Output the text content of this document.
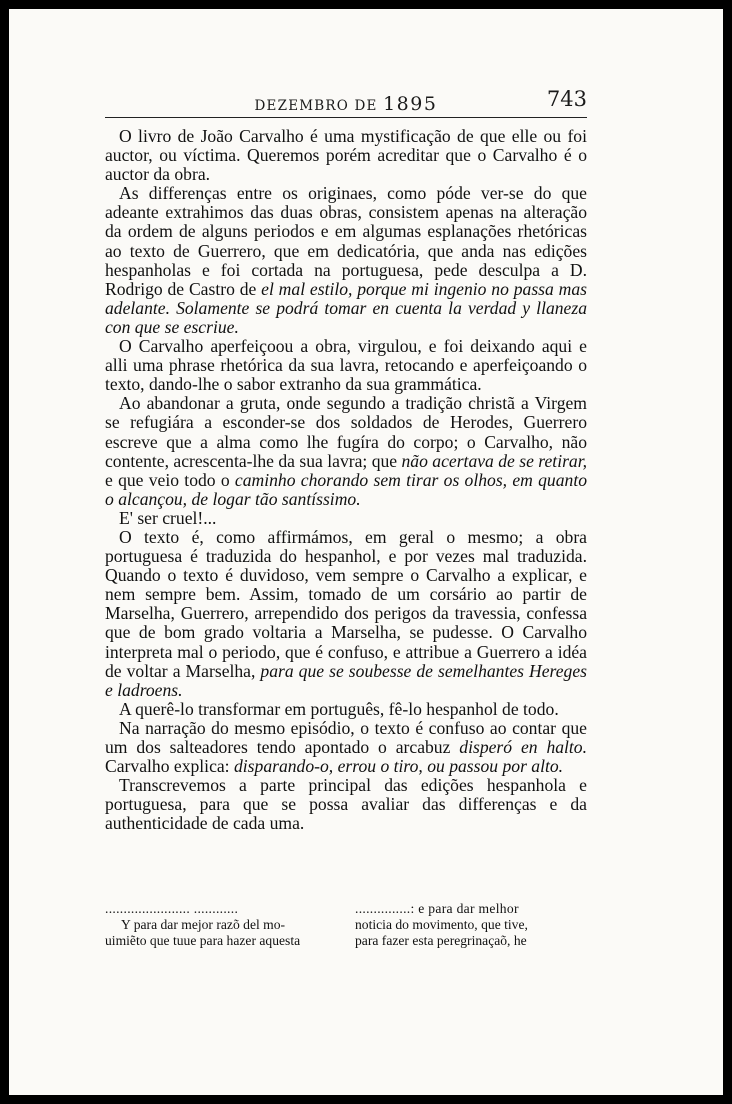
DEZEMBRO DE 1895	743

O livro de João Carvalho é uma mystificação de que elle ou foi auctor, ou víctima. Queremos porém acreditar que o Carvalho é o auctor da obra.

As differenças entre os originaes, como póde ver-se do que adeante extrahimos das duas obras, consistem apenas na alteração da ordem de alguns periodos e em algumas esplanações rhetóricas ao texto de Guerrero, que em dedicatória, que anda nas edições hespanholas e foi cortada na portuguesa, pede desculpa a D. Rodrigo de Castro de el mal estilo, porque mi ingenio no passa mas adelante. Solamente se podrá tomar en cuenta la verdad y llaneza con que se escriue.

O Carvalho aperfeiçoou a obra, virgulou, e foi deixando aqui e alli uma phrase rhetórica da sua lavra, retocando e aperfeiçoando o texto, dando-lhe o sabor extranho da sua grammática.

Ao abandonar a gruta, onde segundo a tradição christã a Virgem se refugiára a esconder-se dos soldados de Herodes, Guerrero escreve que a alma como lhe fugíra do corpo; o Carvalho, não contente, acrescenta-lhe da sua lavra; que não acertava de se retirar, e que veio todo o caminho chorando sem tirar os olhos, em quanto o alcançou, de logar tão santíssimo.

E' ser cruel!...

O texto é, como affirmámos, em geral o mesmo; a obra portuguesa é traduzida do hespanhol, e por vezes mal traduzida. Quando o texto é duvidoso, vem sempre o Carvalho a explicar, e nem sempre bem. Assim, tomado de um corsário ao partir de Marselha, Guerrero, arrependido dos perigos da travessia, confessa que de bom grado voltaria a Marselha, se pudesse. O Carvalho interpreta mal o periodo, que é confuso, e attribue a Guerrero a idéa de voltar a Marselha, para que se soubesse de semelhantes Hereges e ladroens.

A querê-lo transformar em português, fê-lo hespanhol de todo.

Na narração do mesmo episódio, o texto é confuso ao contar que um dos salteadores tendo apontado o arcabuz disperó en halto. Carvalho explica: disparando-o, errou o tiro, ou passou por alto.

Transcrevemos a parte principal das edições hespanhola e portuguesa, para que se possa avaliar das differenças e da authenticidade de cada uma.

....................... ............
Y para dar mejor razõ del mo-
uimiẽto que tuue para hazer aquesta
...............: e para dar melhor
noticia do movimento, que tive,
para fazer esta peregrinaçaõ, he
